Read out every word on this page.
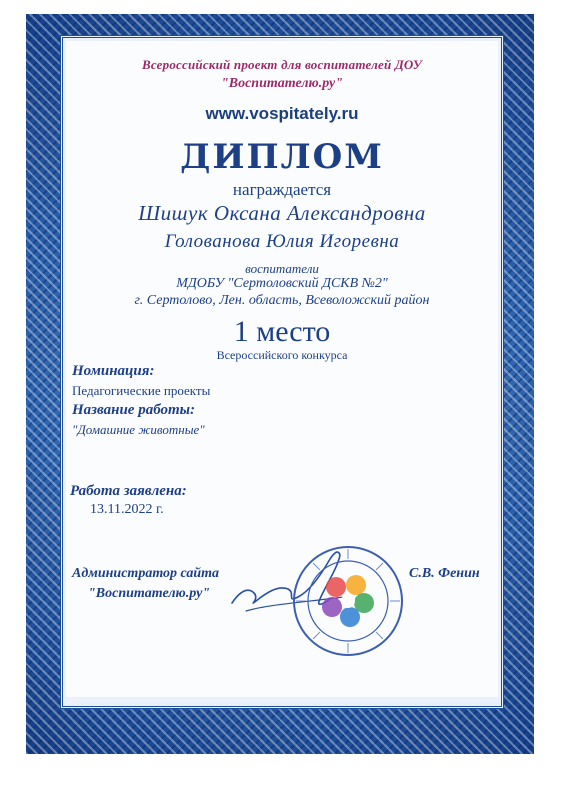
Всероссийский проект для воспитателей ДОУ
"Воспитателю.ру"
www.vospitately.ru
ДИПЛОМ
награждается
Шишук Оксана Александровна
Голованова Юлия Игоревна
воспитатели
МДОБУ "Сертоловский ДСКВ №2"
г. Сертолово, Лен. область, Всеволожский район
1 место
Всероссийского конкурса
Номинация:
Педагогические проекты
Название работы:
"Домашние животные"
Работа заявлена:
13.11.2022 г.
Администратор сайта
"Воспитателю.ру"
С.В. Фенин
